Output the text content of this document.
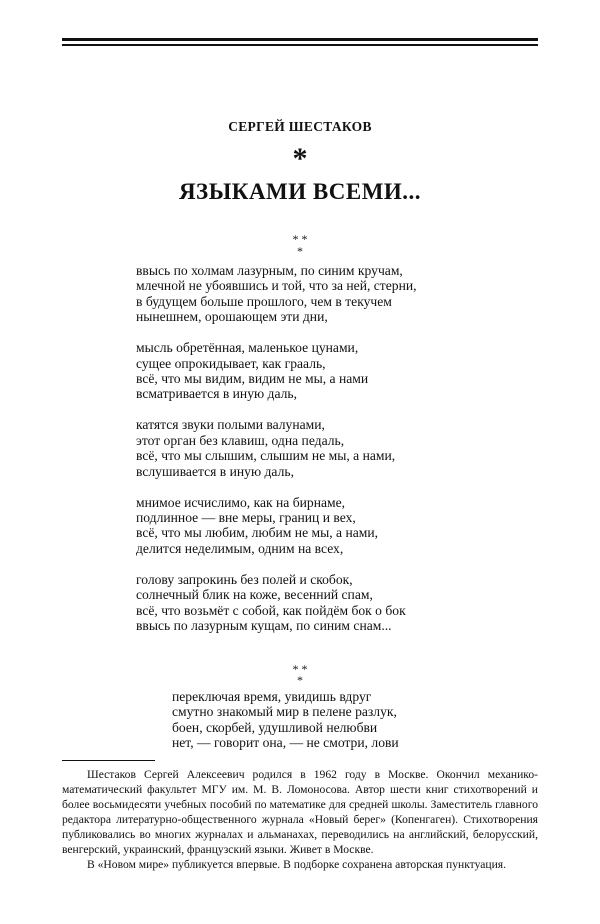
СЕРГЕЙ ШЕСТАКОВ
*
ЯЗЫКАМИ ВСЕМИ...
* *
*
ввысь по холмам лазурным, по синим кручам,
млечной не убоявшись и той, что за ней, стерни,
в будущем больше прошлого, чем в текучем
нынешнем, орошающем эти дни,
мысль обретённая, маленькое цунами,
сущее опрокидывает, как грааль,
всё, что мы видим, видим не мы, а нами
всматривается в иную даль,
катятся звуки полыми валунами,
этот орган без клавиш, одна педаль,
всё, что мы слышим, слышим не мы, а нами,
вслушивается в иную даль,
мнимое исчислимо, как на бирнаме,
подлинное — вне меры, границ и вех,
всё, что мы любим, любим не мы, а нами,
делится неделимым, одним на всех,
голову запрокинь без полей и скобок,
солнечный блик на коже, весенний спам,
всё, что возьмёт с собой, как пойдём бок о бок
ввысь по лазурным кущам, по синим снам...
* *
*
переключая время, увидишь вдруг
смутно знакомый мир в пелене разлук,
боен, скорбей, удушливой нелюбви
нет, — говорит она, — не смотри, лови

Шестаков Сергей Алексеевич родился в 1962 году в Москве. Окончил механико-математический факультет МГУ им. М. В. Ломоносова. Автор шести книг стихотворений и более восьмидесяти учебных пособий по математике для средней школы. Заместитель главного редактора литературно-общественного журнала «Новый берег» (Копенгаген). Стихотворения публиковались во многих журналах и альманахах, переводились на английский, белорусский, венгерский, украинский, французский языки. Живет в Москве.

В «Новом мире» публикуется впервые. В подборке сохранена авторская пунктуация.
